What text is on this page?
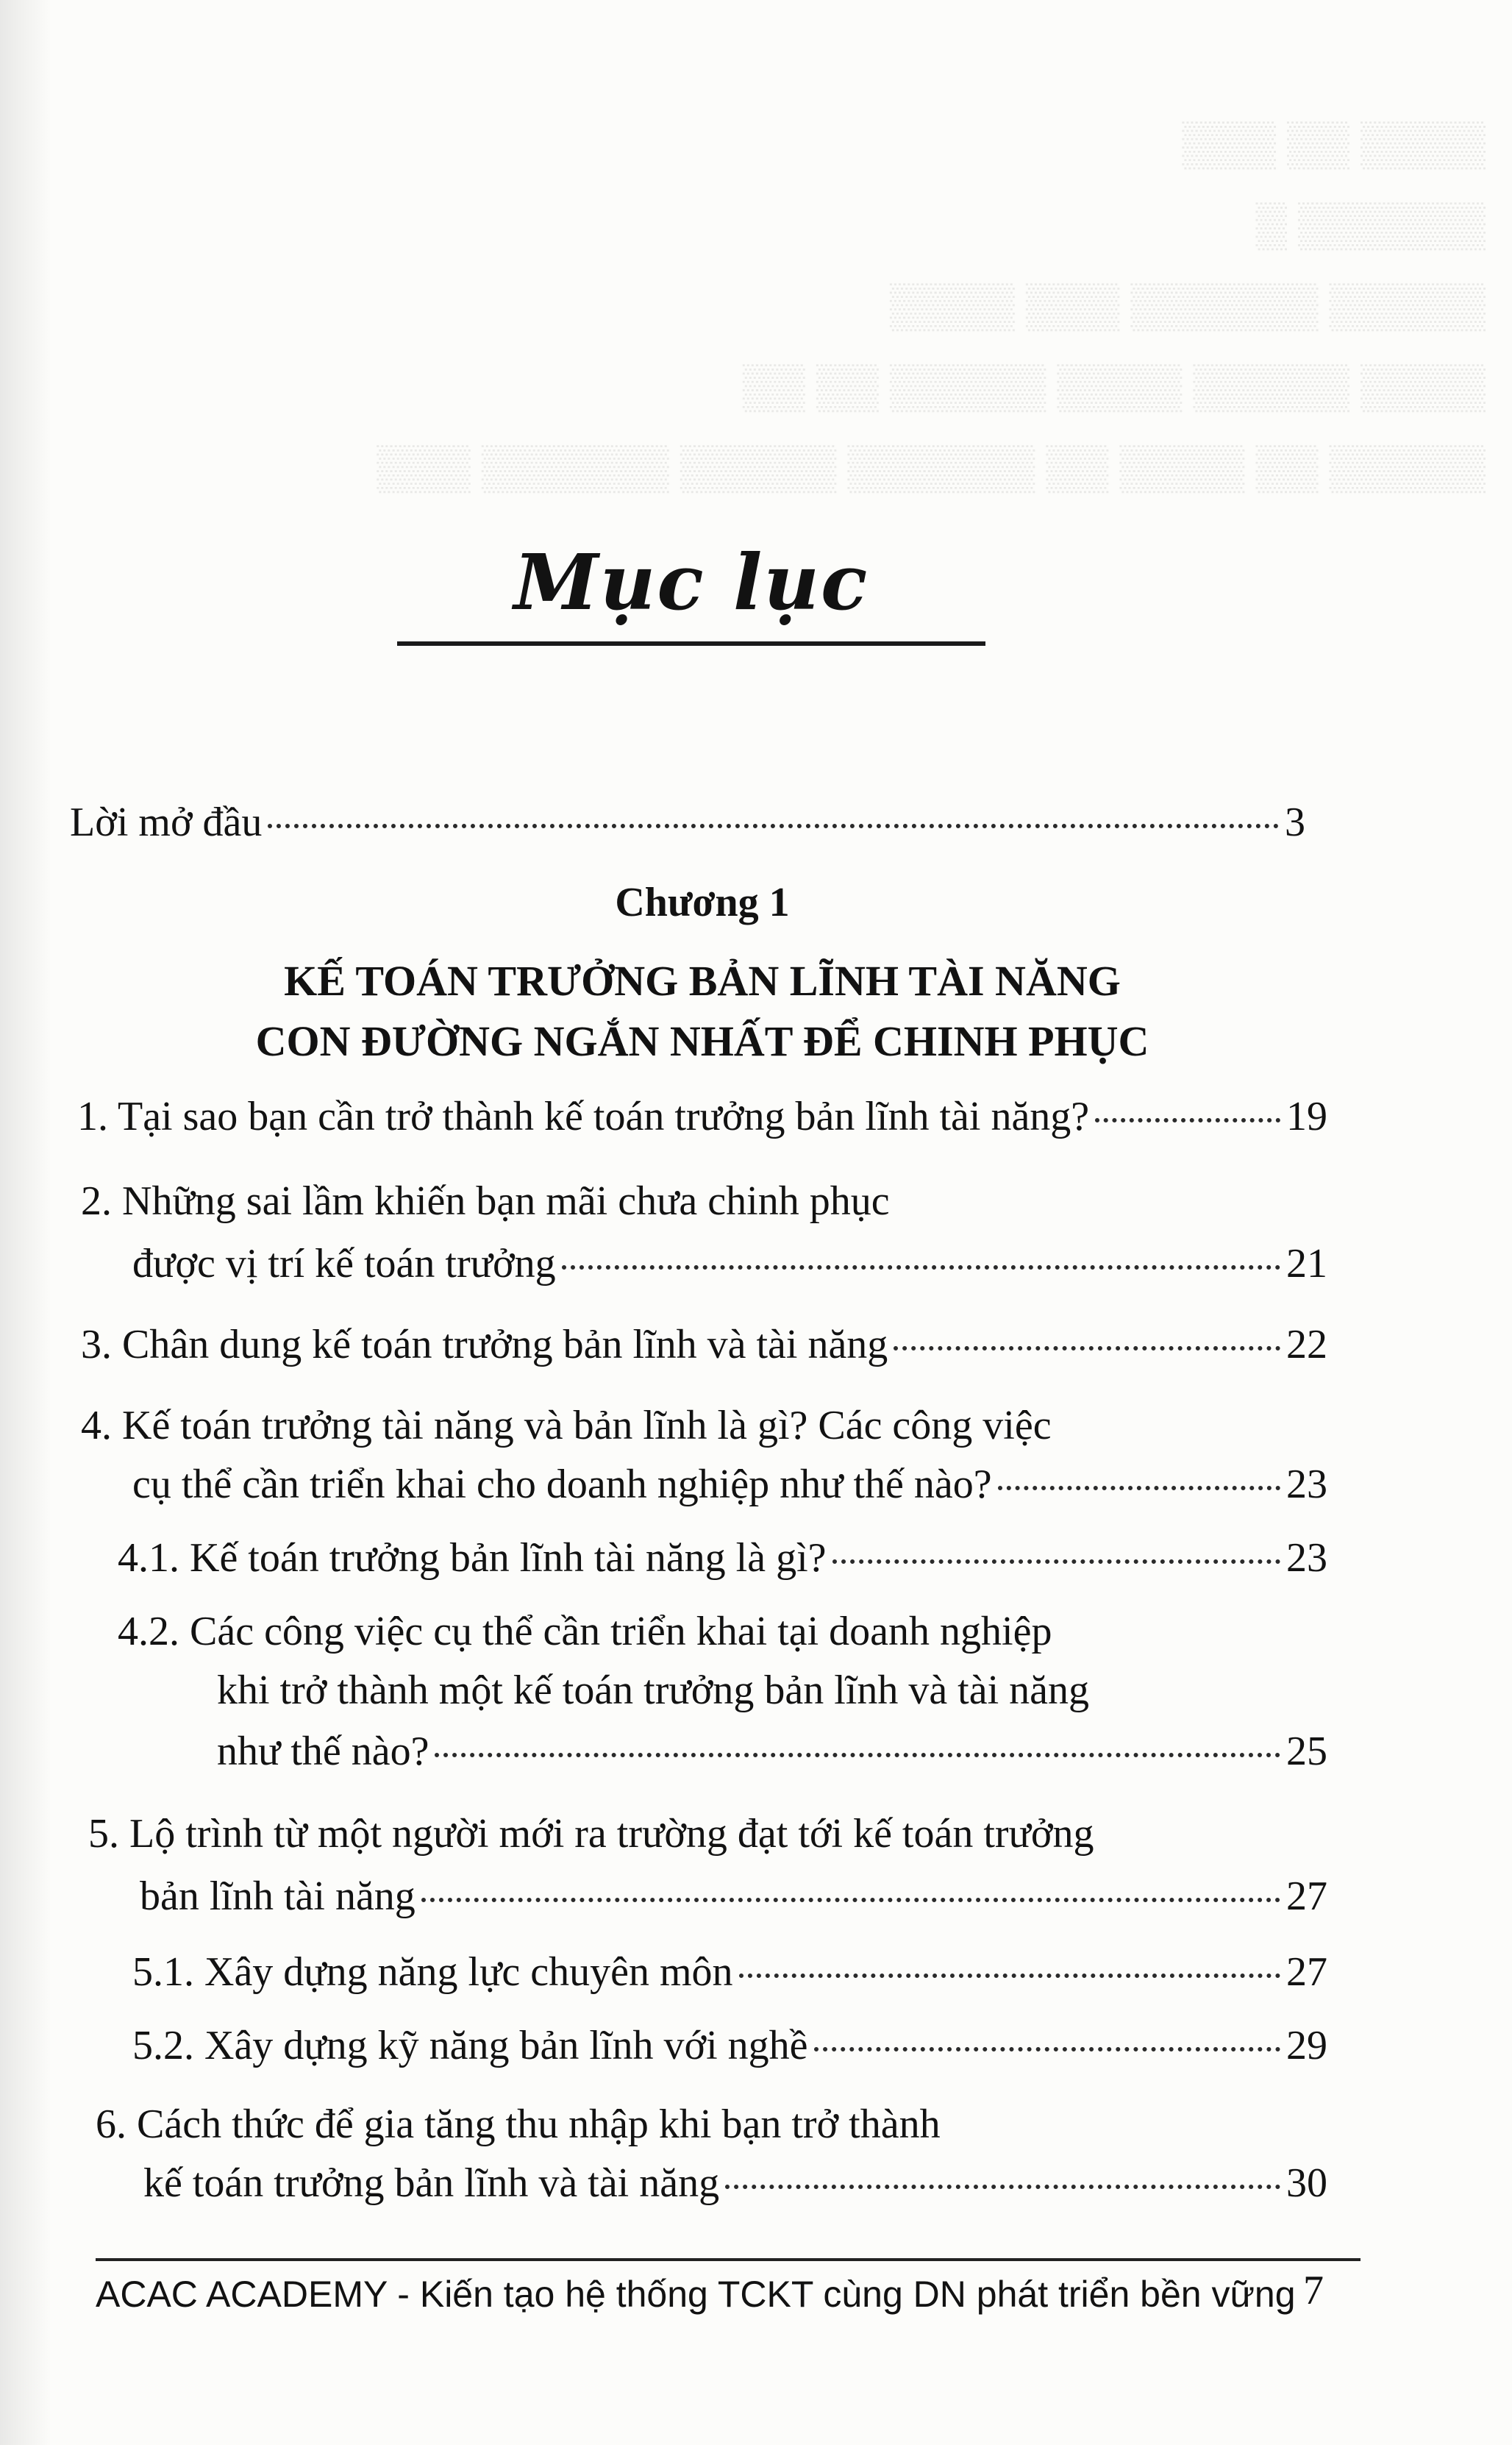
▒▒▒▒ ▒▒ ▒▒▒
▒▒▒▒▒▒ ▒
▒▒▒▒▒ ▒▒▒▒▒▒ ▒▒▒ ▒▒▒▒
▒▒▒▒ ▒▒▒▒▒ ▒▒▒▒ ▒▒▒▒▒ ▒▒ ▒▒
▒▒▒▒▒ ▒▒ ▒▒▒▒ ▒▒ ▒▒▒▒▒▒ ▒▒▒▒▒ ▒▒▒▒▒▒ ▒▒▒
Mục lục
Lời mở đầu	3
Chương 1
KẾ TOÁN TRƯỞNG BẢN LĨNH TÀI NĂNG
CON ĐƯỜNG NGẮN NHẤT ĐỂ CHINH PHỤC
1. Tại sao bạn cần trở thành kế toán trưởng bản lĩnh tài năng?	19
2. Những sai lầm khiến bạn mãi chưa chinh phục
được vị trí kế toán trưởng	21
3. Chân dung kế toán trưởng bản lĩnh và tài năng	22
4. Kế toán trưởng tài năng và bản lĩnh là gì? Các công việc
cụ thể cần triển khai cho doanh nghiệp như thế nào?	23
4.1. Kế toán trưởng bản lĩnh tài năng là gì?	23
4.2. Các công việc cụ thể cần triển khai tại doanh nghiệp
khi trở thành một kế toán trưởng bản lĩnh và tài năng
như thế nào?	25
5. Lộ trình từ một người mới ra trường đạt tới kế toán trưởng
bản lĩnh tài năng	27
5.1. Xây dựng năng lực chuyên môn	27
5.2. Xây dựng kỹ năng bản lĩnh với nghề	29
6. Cách thức để gia tăng thu nhập khi bạn trở thành
kế toán trưởng bản lĩnh và tài năng	30
ACAC ACADEMY - Kiến tạo hệ thống TCKT cùng DN phát triển bền vững 7
